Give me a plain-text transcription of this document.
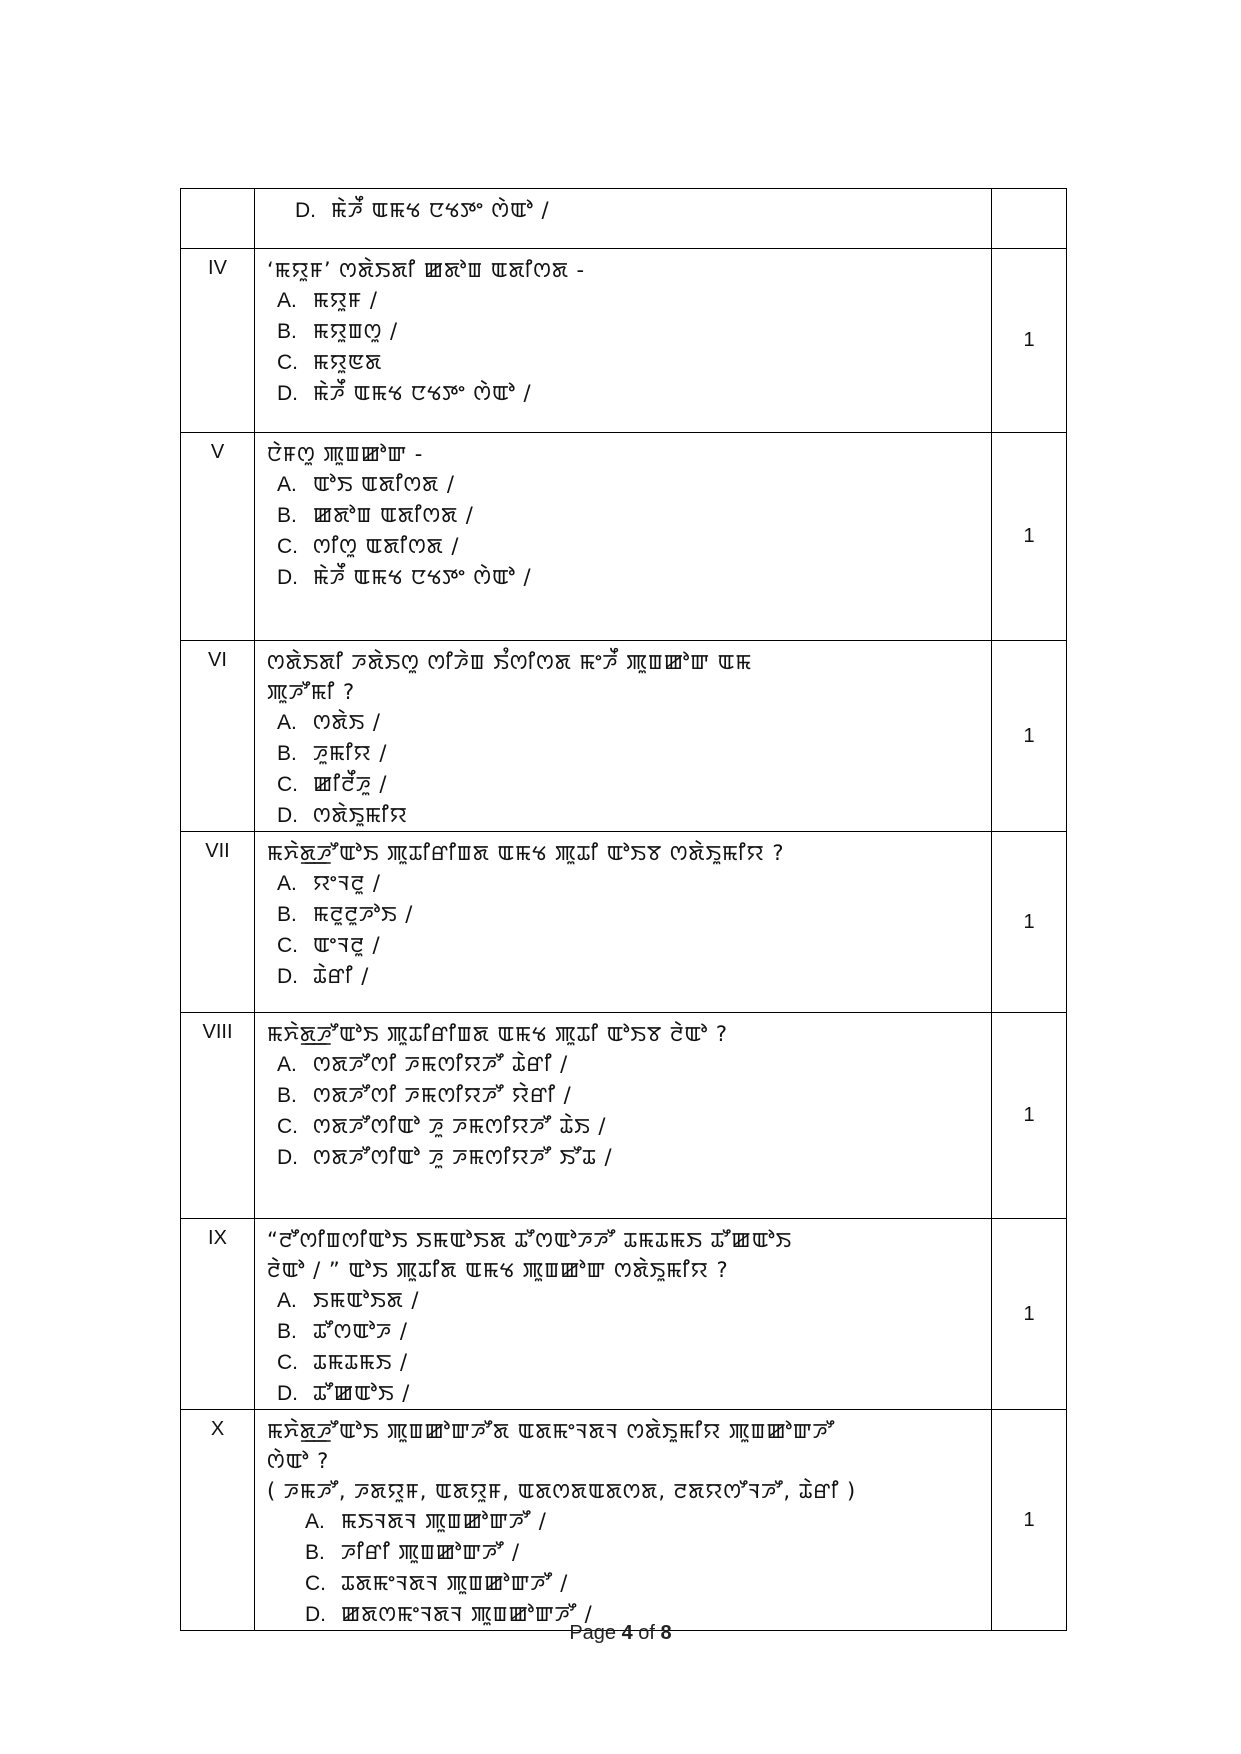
	D. ꯃꯥꯍꯩ ꯑꯃꯠ ꯅꯠꯇꯦ ꯁꯥꯑꯣ /	

IV	‘ꯃꯌꯨꯝ’ ꯁꯗꯥꯏꯗꯤ ꯀꯗꯣꯡ ꯑꯗꯤꯁꯗ -
A. ꯃꯌꯨꯝ /
B. ꯃꯌꯨꯡꯁꯨ /
C. ꯃꯌꯨꯟꯗ
D. ꯃꯥꯍꯩ ꯑꯃꯠ ꯅꯠꯇꯦ ꯁꯥꯑꯣ /	1

V	ꯅꯥꯝꯁꯨ ꯄꯨꯡꯀꯣꯛ -
A. ꯑꯣꯏ ꯑꯗꯤꯁꯗ /
B. ꯀꯗꯣꯡ ꯑꯗꯤꯁꯗ /
C. ꯁꯤꯁꯨ ꯑꯗꯤꯁꯗ /
D. ꯃꯥꯍꯩ ꯑꯃꯠ ꯅꯠꯇꯦ ꯁꯥꯑꯣ /	1

VI	ꯁꯗꯥꯏꯗꯤ ꯍꯗꯥꯏꯁꯨ ꯁꯤꯍꯥꯡ ꯏꯪꯁꯤꯁꯗ ꯃꯦꯍꯩ ꯄꯨꯡꯀꯣꯛ ꯑꯃ
ꯄꯨꯍꯧꯃꯤ ?
A. ꯁꯗꯥꯏ /
B. ꯍꯨꯃꯤꯌ /
C. ꯀꯤꯂꯩꯍꯨ /
D. ꯁꯗꯥꯏꯨꯃꯤꯌ
	1

VII	ꯃꯈꯥꯗ꯭ꯍꯧꯑꯣꯏ ꯄꯨꯊꯤꯔꯤꯡꯗ ꯑꯃꯠ ꯄꯨꯊꯤ ꯑꯣꯏꯕ ꯁꯗꯥꯏꯨꯃꯤꯌ ?
A. ꯌꯦꯜꯂꯨ /
B. ꯃꯂꯨꯂꯨꯍꯣꯏ /
C. ꯑꯦꯜꯂꯨ /
D. ꯊꯥꯔꯤ /	1

VIII	ꯃꯈꯥꯗ꯭ꯍꯧꯑꯣꯏ ꯄꯨꯊꯤꯔꯤꯡꯗ ꯑꯃꯠ ꯄꯨꯊꯤ ꯑꯣꯏꯕ ꯂꯥꯑꯣ ?
A. ꯁꯗꯍꯧꯁꯤ ꯍꯃꯁꯤꯌꯍꯧ ꯊꯥꯔꯤ /
B. ꯁꯗꯍꯧꯁꯤ ꯍꯃꯁꯤꯌꯍꯧ ꯌꯥꯔꯤ /
C. ꯁꯗꯍꯧꯁꯤꯑꯣ ꯍꯨ ꯍꯃꯁꯤꯌꯍꯧ ꯊꯥꯏ /
D. ꯁꯗꯍꯧꯁꯤꯑꯣ ꯍꯨ ꯍꯃꯁꯤꯌꯍꯧ ꯏꯧꯊ /	1

IX	“ꯂꯧꯁꯤꯡꯁꯤꯑꯣꯏ ꯏꯃꯑꯣꯏꯗ ꯊꯧꯁꯑꯣꯍꯍꯧ ꯊꯃꯊꯃꯏ ꯊꯧꯀꯑꯣꯏ
ꯂꯥꯑꯣ / ” ꯑꯣꯏ ꯄꯨꯊꯤꯗ ꯑꯃꯠ ꯄꯨꯡꯀꯣꯛ ꯁꯗꯥꯏꯨꯃꯤꯌ ?
A. ꯏꯃꯑꯣꯏꯗ /
B. ꯊꯧꯁꯑꯣꯍ /
C. ꯊꯃꯊꯃꯏ /
D. ꯊꯧꯀꯑꯣꯏ /
	1

X	ꯃꯈꯥꯗ꯭ꯍꯧꯑꯣꯏ ꯄꯨꯡꯀꯣꯛꯍꯧꯗ ꯑꯗꯃꯦꯜꯗꯜ ꯁꯗꯥꯏꯨꯃꯤꯌ ꯄꯨꯡꯀꯣꯛꯍꯧ
ꯁꯥꯑꯣ ?
( ꯍꯃꯍꯧ, ꯍꯗꯌꯨꯝ, ꯑꯗꯌꯨꯝ, ꯑꯗꯁꯗꯑꯗꯁꯗ, ꯂꯗꯌꯁꯧꯜꯍꯧ, ꯊꯥꯔꯤ )
A. ꯃꯏꯜꯗꯜ ꯄꯨꯡꯀꯣꯛꯍꯧ /
B. ꯍꯤꯔꯤ ꯄꯨꯡꯀꯣꯛꯍꯧ /
C. ꯊꯗꯃꯦꯜꯗꯜ ꯄꯨꯡꯀꯣꯛꯍꯧ /
D. ꯀꯗꯁꯃꯦꯜꯗꯜ ꯄꯨꯡꯀꯣꯛꯍꯧ /
	1
Page 4 of 8
